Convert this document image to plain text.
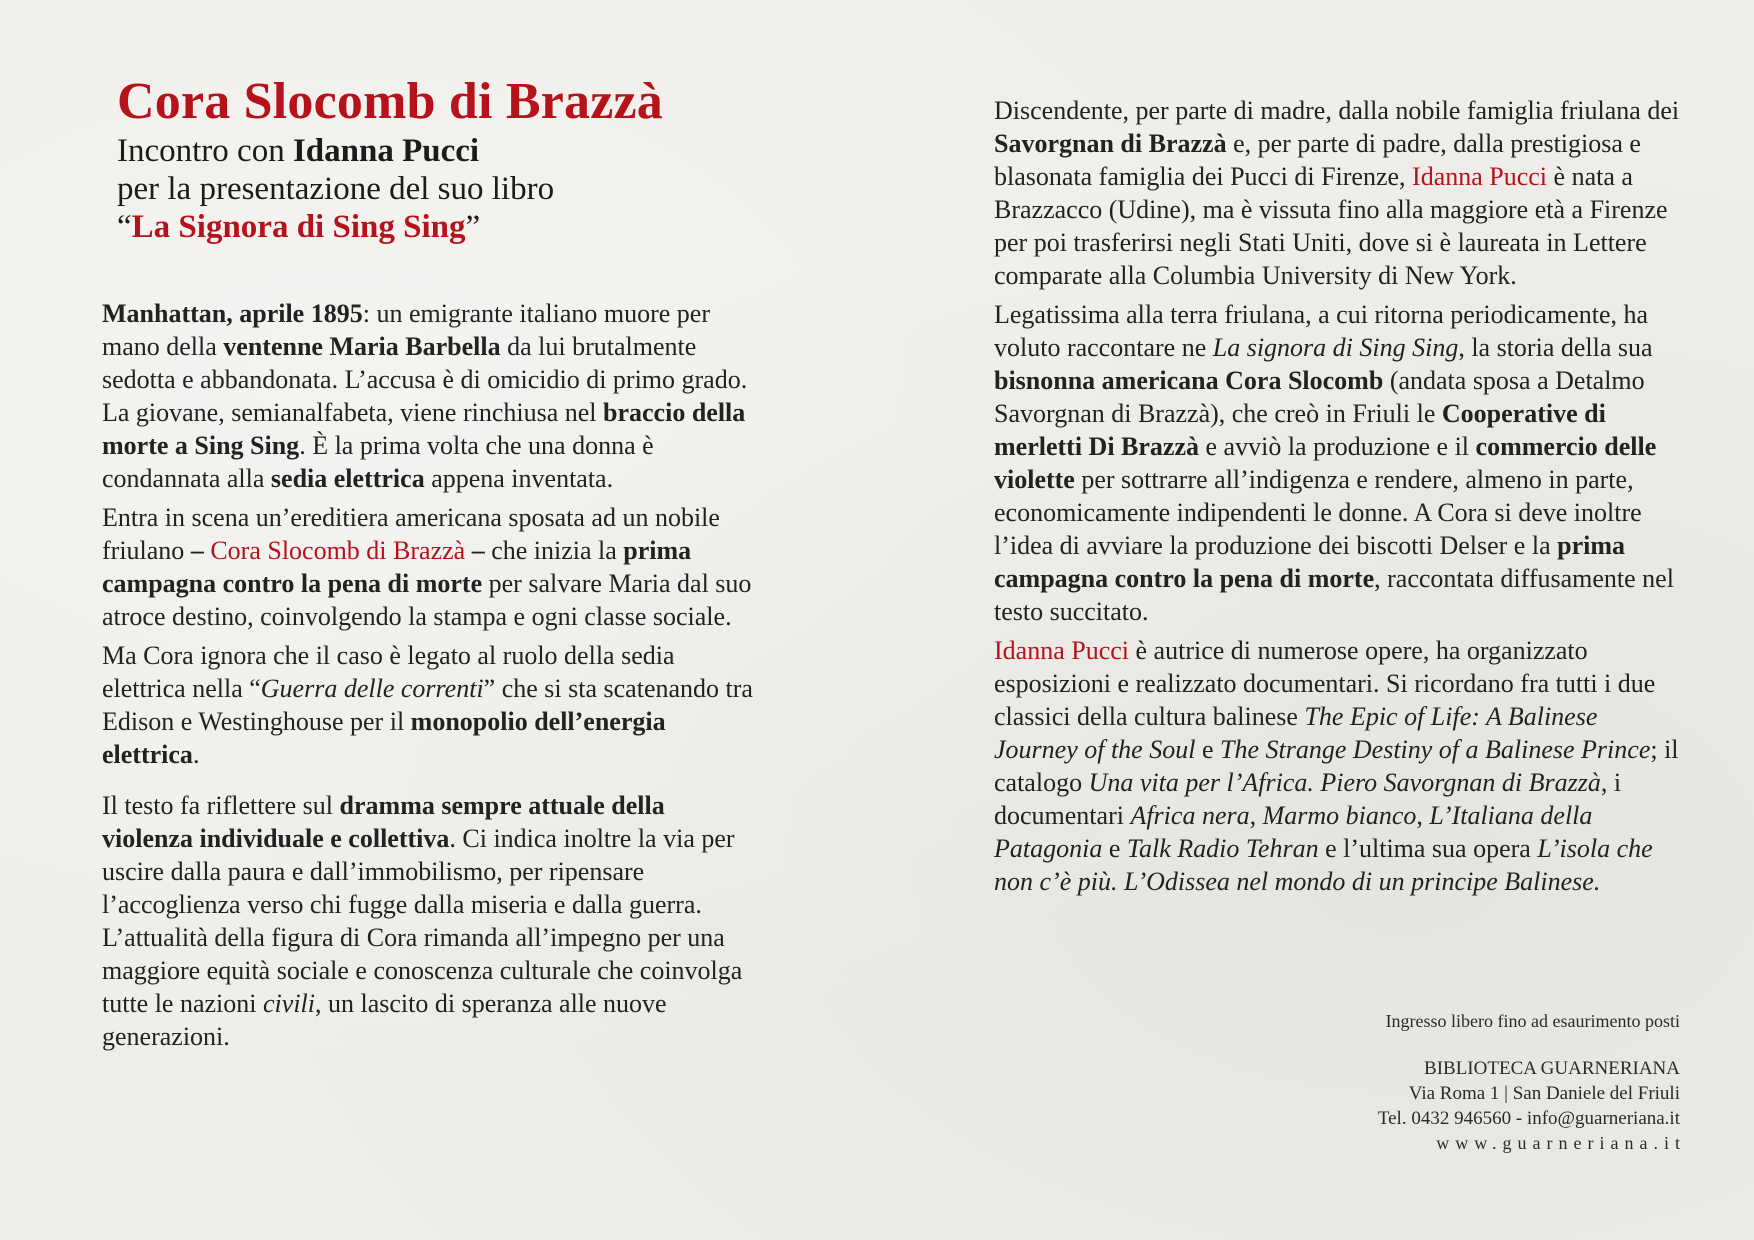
Cora Slocomb di Brazzà

Incontro con Idanna Pucci

per la presentazione del suo libro

“La Signora di Sing Sing”

Manhattan, aprile 1895: un emigrante italiano muore per mano della ventenne Maria Barbella da lui brutalmente sedotta e abbandonata. L’accusa è di omicidio di primo grado. La giovane, semianalfabeta, viene rinchiusa nel braccio della morte a Sing Sing. È la prima volta che una donna è condannata alla sedia elettrica appena inventata.

Entra in scena un’ereditiera americana sposata ad un nobile friulano – Cora Slocomb di Brazzà – che inizia la prima campagna contro la pena di morte per salvare Maria dal suo atroce destino, coinvolgendo la stampa e ogni classe sociale.

Ma Cora ignora che il caso è legato al ruolo della sedia elettrica nella “Guerra delle correnti” che si sta scatenando tra Edison e Westinghouse per il monopolio dell’energia elettrica.

Il testo fa riflettere sul dramma sempre attuale della violenza individuale e collettiva. Ci indica inoltre la via per uscire dalla paura e dall’immobilismo, per ripensare l’accoglienza verso chi fugge dalla miseria e dalla guerra. L’attualità della figura di Cora rimanda all’impegno per una maggiore equità sociale e conoscenza culturale che coinvolga tutte le nazioni civili, un lascito di speranza alle nuove generazioni.

Discendente, per parte di madre, dalla nobile famiglia friulana dei Savorgnan di Brazzà e, per parte di padre, dalla prestigiosa e blasonata famiglia dei Pucci di Firenze, Idanna Pucci è nata a Brazzacco (Udine), ma è vissuta fino alla maggiore età a Firenze per poi trasferirsi negli Stati Uniti, dove si è laureata in Lettere comparate alla Columbia University di New York.

Legatissima alla terra friulana, a cui ritorna periodicamente, ha voluto raccontare ne La signora di Sing Sing, la storia della sua bisnonna americana Cora Slocomb (andata sposa a Detalmo Savorgnan di Brazzà), che creò in Friuli le Cooperative di merletti Di Brazzà e avviò la produzione e il commercio delle violette per sottrarre all’indigenza e rendere, almeno in parte, economicamente indipendenti le donne. A Cora si deve inoltre l’idea di avviare la produzione dei biscotti Delser e la prima campagna contro la pena di morte, raccontata diffusamente nel testo succitato.

Idanna Pucci è autrice di numerose opere, ha organizzato esposizioni e realizzato documentari. Si ricordano fra tutti i due classici della cultura balinese The Epic of Life: A Balinese Journey of the Soul e The Strange Destiny of a Balinese Prince; il catalogo Una vita per l’Africa. Piero Savorgnan di Brazzà, i documentari Africa nera, Marmo bianco, L’Italiana della Patagonia e Talk Radio Tehran e l’ultima sua opera L’isola che non c’è più. L’Odissea nel mondo di un principe Balinese.

Ingresso libero fino ad esaurimento posti
BIBLIOTECA GUARNERIANA
Via Roma 1 | San Daniele del Friuli
Tel. 0432 946560 - info@guarneriana.it
www.guarneriana.it
